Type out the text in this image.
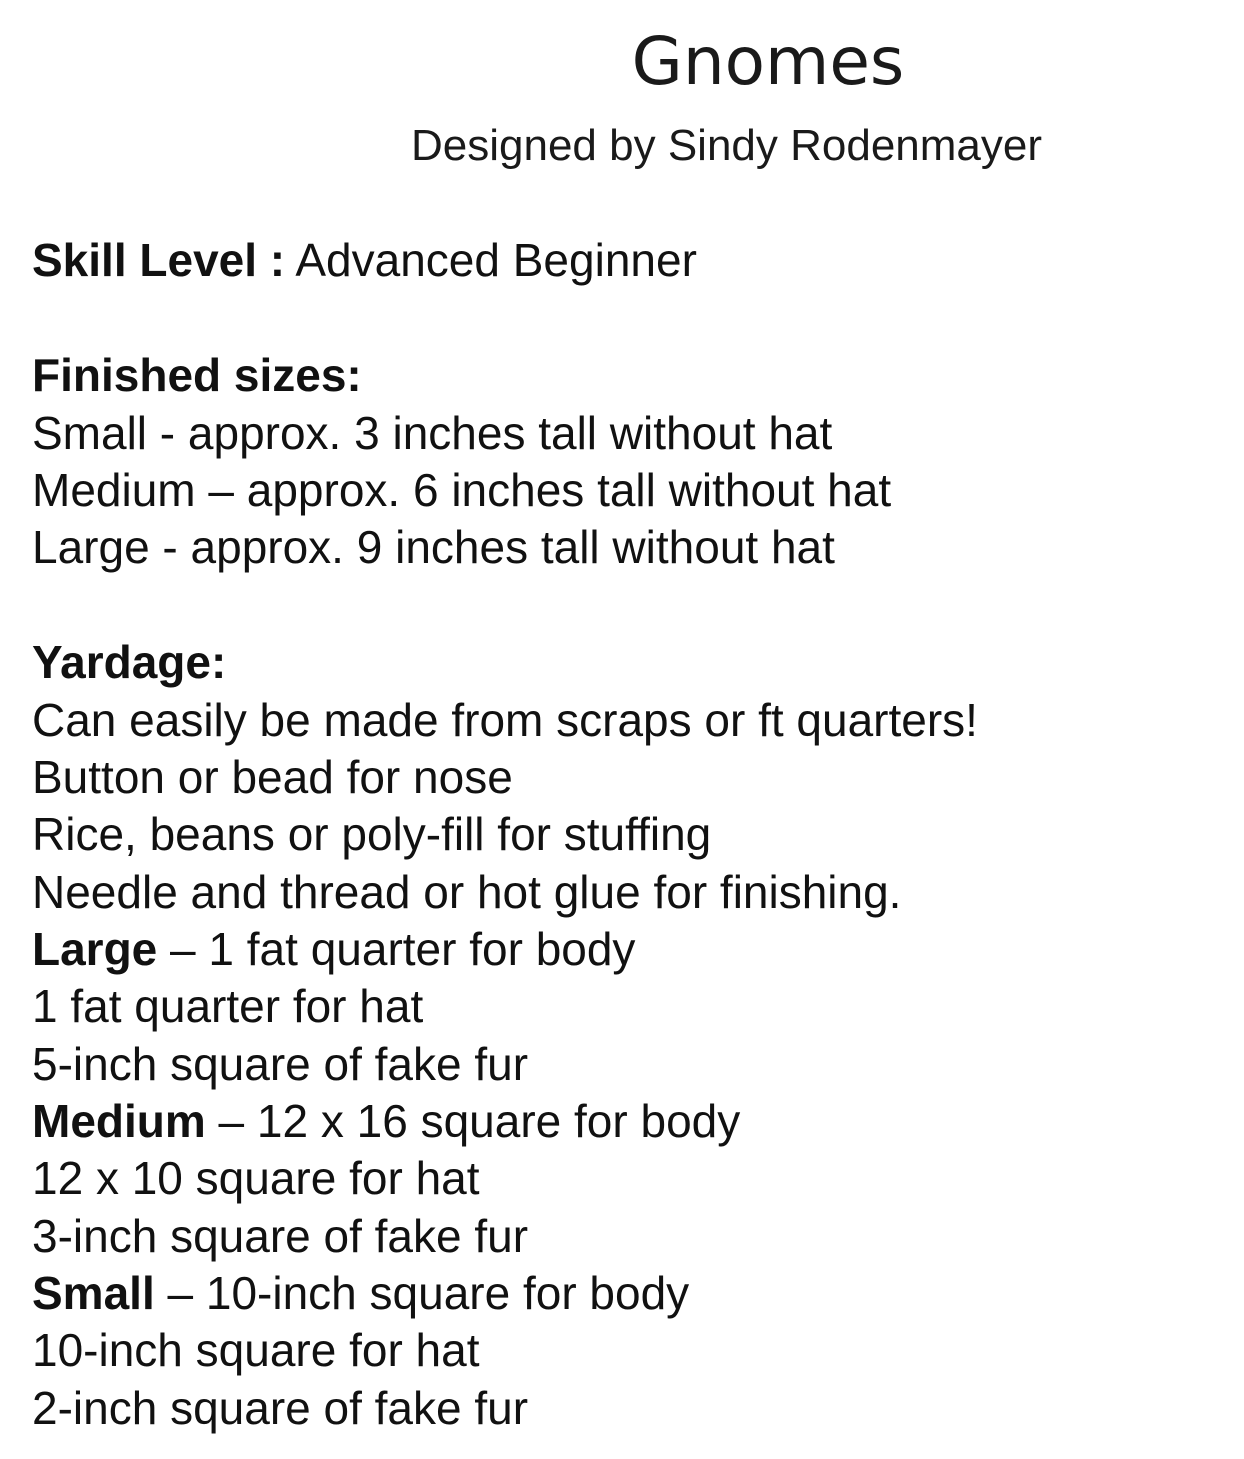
Gnomes
Designed by Sindy Rodenmayer
Skill Level : Advanced Beginner
Finished sizes:
Small - approx. 3 inches tall without hat
Medium – approx. 6 inches tall without hat
Large - approx. 9 inches tall without hat
Yardage:
Can easily be made from scraps or ft quarters!
Button or bead for nose
Rice, beans or poly-fill for stuffing
Needle and thread or hot glue for finishing.
Large – 1 fat quarter for body
1 fat quarter for hat
5-inch square of fake fur
Medium – 12 x 16 square for body
12 x 10 square for hat
3-inch square of fake fur
Small – 10-inch square for body
10-inch square for hat
2-inch square of fake fur
